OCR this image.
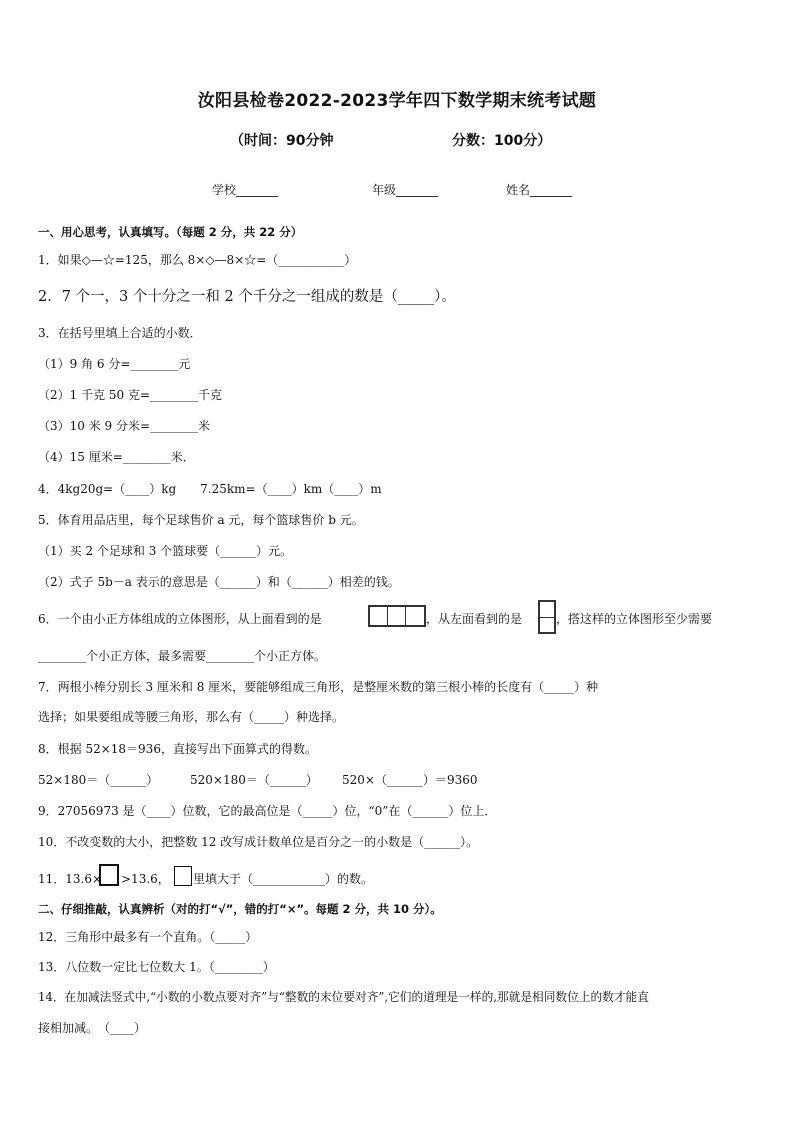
汝阳县检卷2022-2023学年四下数学期末统考试题
（时间：90分钟	分数：100分）
学校_______	年级_______	姓名_______
一、用心思考，认真填写。（每题 2 分，共 22 分）
1．如果◇—☆=125，那么 8×◇—8×☆=（___________）
2．7 个一，3 个十分之一和 2 个千分之一组成的数是（_____）。
3．在括号里填上合适的小数．
（1）9 角 6 分=________元
（2）1 千克 50 克=________千克
（3）10 米 9 分米=________米
（4）15 厘米=________米．
4．4kg20g=（____）kg　　7.25km=（____）km（____）m
5．体育用品店里，每个足球售价 a 元，每个篮球售价 b 元。
（1）买 2 个足球和 3 个篮球要（______）元。
（2）式子 5b－a 表示的意思是（______）和（______）相差的钱。
6．一个由小正方体组成的立体图形，从上面看到的是	，从左面看到的是	，搭这样的立体图形至少需要
________个小正方体，最多需要________个小正方体。
7．两根小棒分别长 3 厘米和 8 厘米，要能够组成三角形，是整厘米数的第三根小棒的长度有（_____）种
选择；如果要组成等腰三角形，那么有（_____）种选择。
8．根据 52×18＝936，直接写出下面算式的得数。
52×180＝（______）	520×180＝（______） 520×（______）＝9360
9．27056973 是（____）位数，它的最高位是（_____）位，“0”在（______）位上．
10．不改变数的大小，把整数 12 改写成计数单位是百分之一的小数是（______）。
11．13.6× >13.6， 里填大于（____________）的数。
二、仔细推敲，认真辨析（对的打“√”，错的打“×”。每题 2 分，共 10 分）。
12．三角形中最多有一个直角。（_____）
13．八位数一定比七位数大 1。（________）
14．在加减法竖式中,“小数的小数点要对齐”与“整数的末位要对齐”,它们的道理是一样的,那就是相同数位上的数才能直
接相加减。　（____）
